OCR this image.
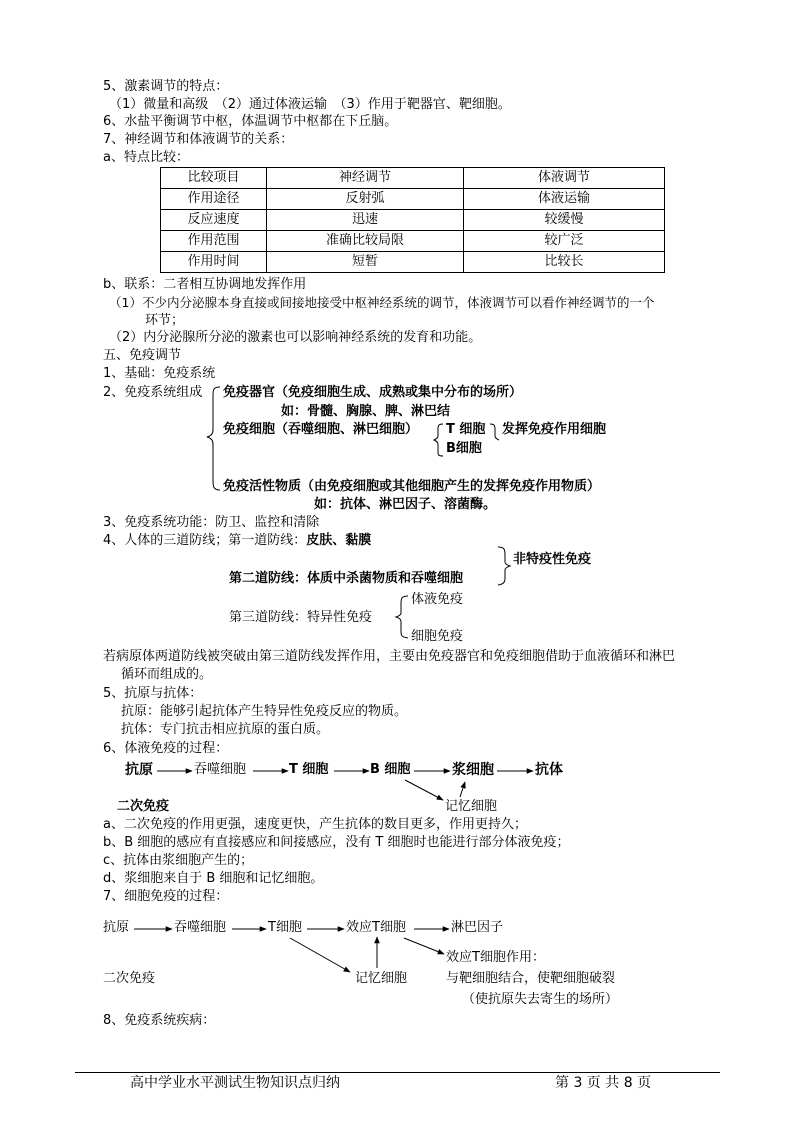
5、激素调节的特点：
（1）微量和高级　（2）通过体液运输　（3）作用于靶器官、靶细胞。
6、水盐平衡调节中枢，体温调节中枢都在下丘脑。
7、神经调节和体液调节的关系：
a、特点比较：
比较项目	神经调节	体液调节
作用途径	反射弧	体液运输
反应速度	迅速	较缓慢
作用范围	准确比较局限	较广泛
作用时间	短暂	比较长
b、联系：二者相互协调地发挥作用
（1）不少内分泌腺本身直接或间接地接受中枢神经系统的调节，体液调节可以看作神经调节的一个
环节；
（2）内分泌腺所分泌的激素也可以影响神经系统的发育和功能。
五、免疫调节
1、基础：免疫系统
2、免疫系统组成 免疫器官（免疫细胞生成、成熟或集中分布的场所）
如：骨髓、胸腺、脾、淋巴结
免疫细胞（吞噬细胞、淋巴细胞） T 细胞
B细胞
发挥免疫作用细胞
免疫活性物质（由免疫细胞或其他细胞产生的发挥免疫作用物质）
如：抗体、淋巴因子、溶菌酶。
3、免疫系统功能：防卫、监控和清除
4、人体的三道防线；第一道防线：皮肤、黏膜
非特疫性免疫
第二道防线：体质中杀菌物质和吞噬细胞
第三道防线：特异性免疫
体液免疫
细胞免疫
若病原体两道防线被突破由第三道防线发挥作用，主要由免疫器官和免疫细胞借助于血液循环和淋巴
循环而组成的。
5、抗原与抗体：
抗原：能够引起抗体产生特异性免疫反应的物质。
抗体：专门抗击相应抗原的蛋白质。
6、体液免疫的过程：
抗原	吞噬细胞	T 细胞	B 细胞	浆细胞	抗体
二次免疫	记忆细胞
a、二次免疫的作用更强，速度更快，产生抗体的数目更多，作用更持久；
b、B 细胞的感应有直接感应和间接感应，没有 T 细胞时也能进行部分体液免疫；
c、抗体由浆细胞产生的；
d、浆细胞来自于 B 细胞和记忆细胞。
7、细胞免疫的过程：
抗原	吞噬细胞	T细胞	效应T细胞	淋巴因子
效应T细胞作用：
二次免疫	记忆细胞	与靶细胞结合，使靶细胞破裂
（使抗原失去寄生的场所）
8、免疫系统疾病：
高中学业水平测试生物知识点归纳	第 3 页 共 8 页
